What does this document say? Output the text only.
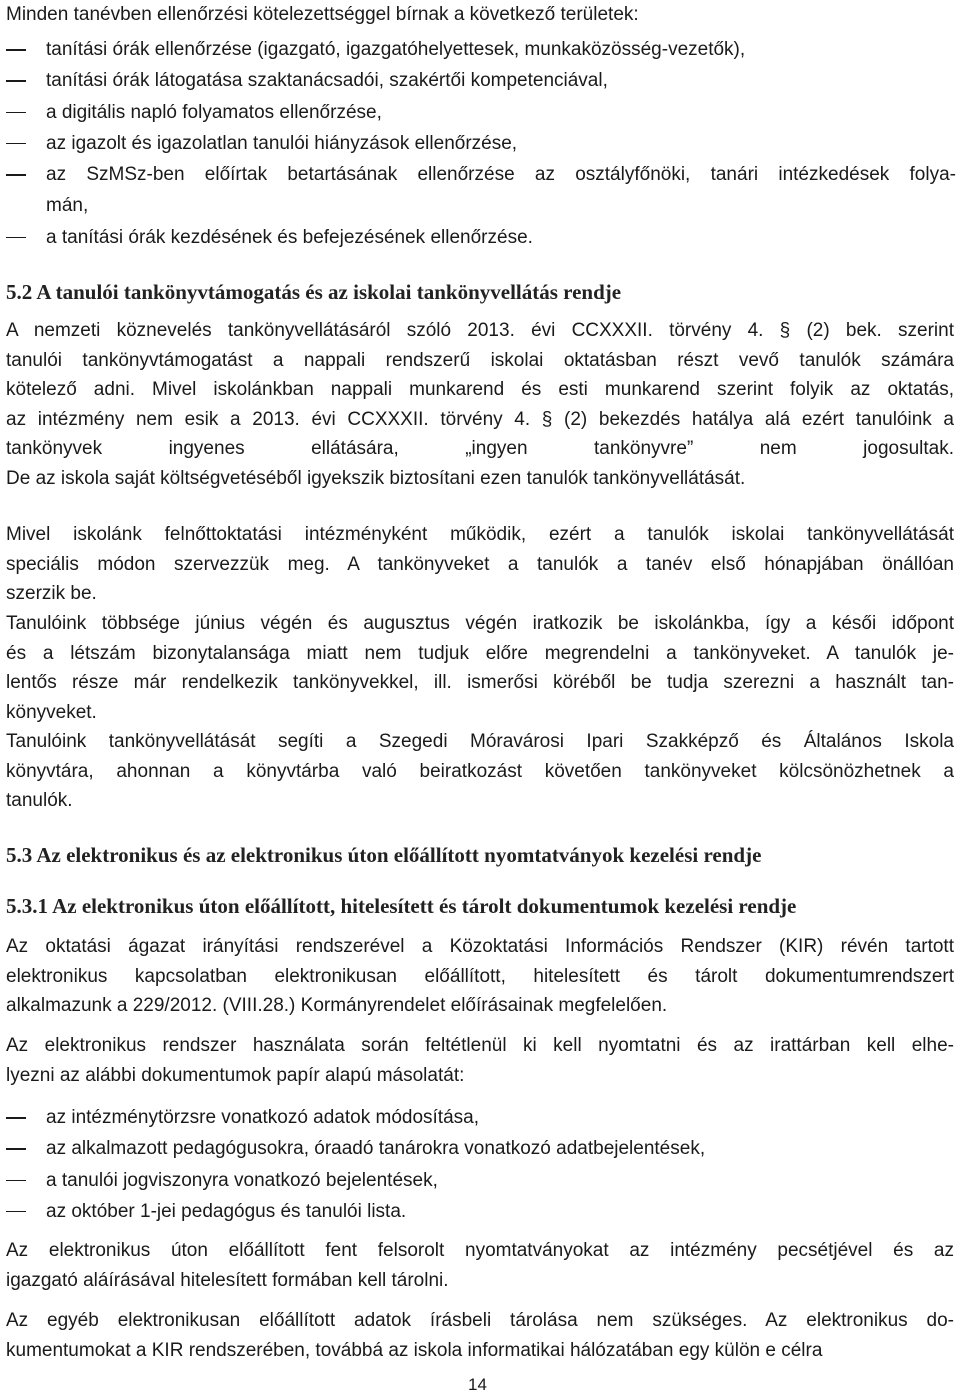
Minden tanévben ellenőrzési kötelezettséggel bírnak a következő területek:
tanítási órák ellenőrzése (igazgató, igazgatóhelyettesek, munkaközösség-vezetők),
tanítási órák látogatása szaktanácsadói, szakértői kompetenciával,
a digitális napló folyamatos ellenőrzése,
az igazolt és igazolatlan tanulói hiányzások ellenőrzése,
az SzMSz-ben előírtak betartásának ellenőrzése az osztályfőnöki, tanári intézkedések folya-
mán,
a tanítási órák kezdésének és befejezésének ellenőrzése.
5.2 A tanulói tankönyvtámogatás és az iskolai tankönyvellátás rendje
A nemzeti köznevelés tankönyvellátásáról szóló 2013. évi CCXXXII. törvény 4. § (2) bek. szerint
tanulói tankönyvtámogatást a nappali rendszerű iskolai oktatásban részt vevő tanulók számára
kötelező adni. Mivel iskolánkban nappali munkarend és esti munkarend szerint folyik az oktatás,
az intézmény nem esik a 2013. évi CCXXXII. törvény 4. § (2) bekezdés hatálya alá ezért tanulóink a
tankönyvek ingyenes ellátására, „ingyen tankönyvre” nem jogosultak.
De az iskola saját költségvetéséből igyekszik biztosítani ezen tanulók tankönyvellátását.
Mivel iskolánk felnőttoktatási intézményként működik, ezért a tanulók iskolai tankönyvellátását
speciális módon szervezzük meg. A tankönyveket a tanulók a tanév első hónapjában önállóan
szerzik be.
Tanulóink többsége június végén és augusztus végén iratkozik be iskolánkba, így a késői időpont
és a létszám bizonytalansága miatt nem tudjuk előre megrendelni a tankönyveket. A tanulók je-
lentős része már rendelkezik tankönyvekkel, ill. ismerősi köréből be tudja szerezni a használt tan-
könyveket.
Tanulóink tankönyvellátását segíti a Szegedi Móravárosi Ipari Szakképző és Általános Iskola
könyvtára, ahonnan a könyvtárba való beiratkozást követően tankönyveket kölcsönözhetnek a
tanulók.
5.3 Az elektronikus és az elektronikus úton előállított nyomtatványok kezelési rendje
5.3.1 Az elektronikus úton előállított, hitelesített és tárolt dokumentumok kezelési rendje
Az oktatási ágazat irányítási rendszerével a Közoktatási Információs Rendszer (KIR) révén tartott
elektronikus kapcsolatban elektronikusan előállított, hitelesített és tárolt dokumentumrendszert
alkalmazunk a 229/2012. (VIII.28.) Kormányrendelet előírásainak megfelelően.
Az elektronikus rendszer használata során feltétlenül ki kell nyomtatni és az irattárban kell elhe-
lyezni az alábbi dokumentumok papír alapú másolatát:
az intézménytörzsre vonatkozó adatok módosítása,
az alkalmazott pedagógusokra, óraadó tanárokra vonatkozó adatbejelentések,
a tanulói jogviszonyra vonatkozó bejelentések,
az október 1-jei pedagógus és tanulói lista.
Az elektronikus úton előállított fent felsorolt nyomtatványokat az intézmény pecsétjével és az
igazgató aláírásával hitelesített formában kell tárolni.
Az egyéb elektronikusan előállított adatok írásbeli tárolása nem szükséges. Az elektronikus do-
kumentumokat a KIR rendszerében, továbbá az iskola informatikai hálózatában egy külön e célra
14
